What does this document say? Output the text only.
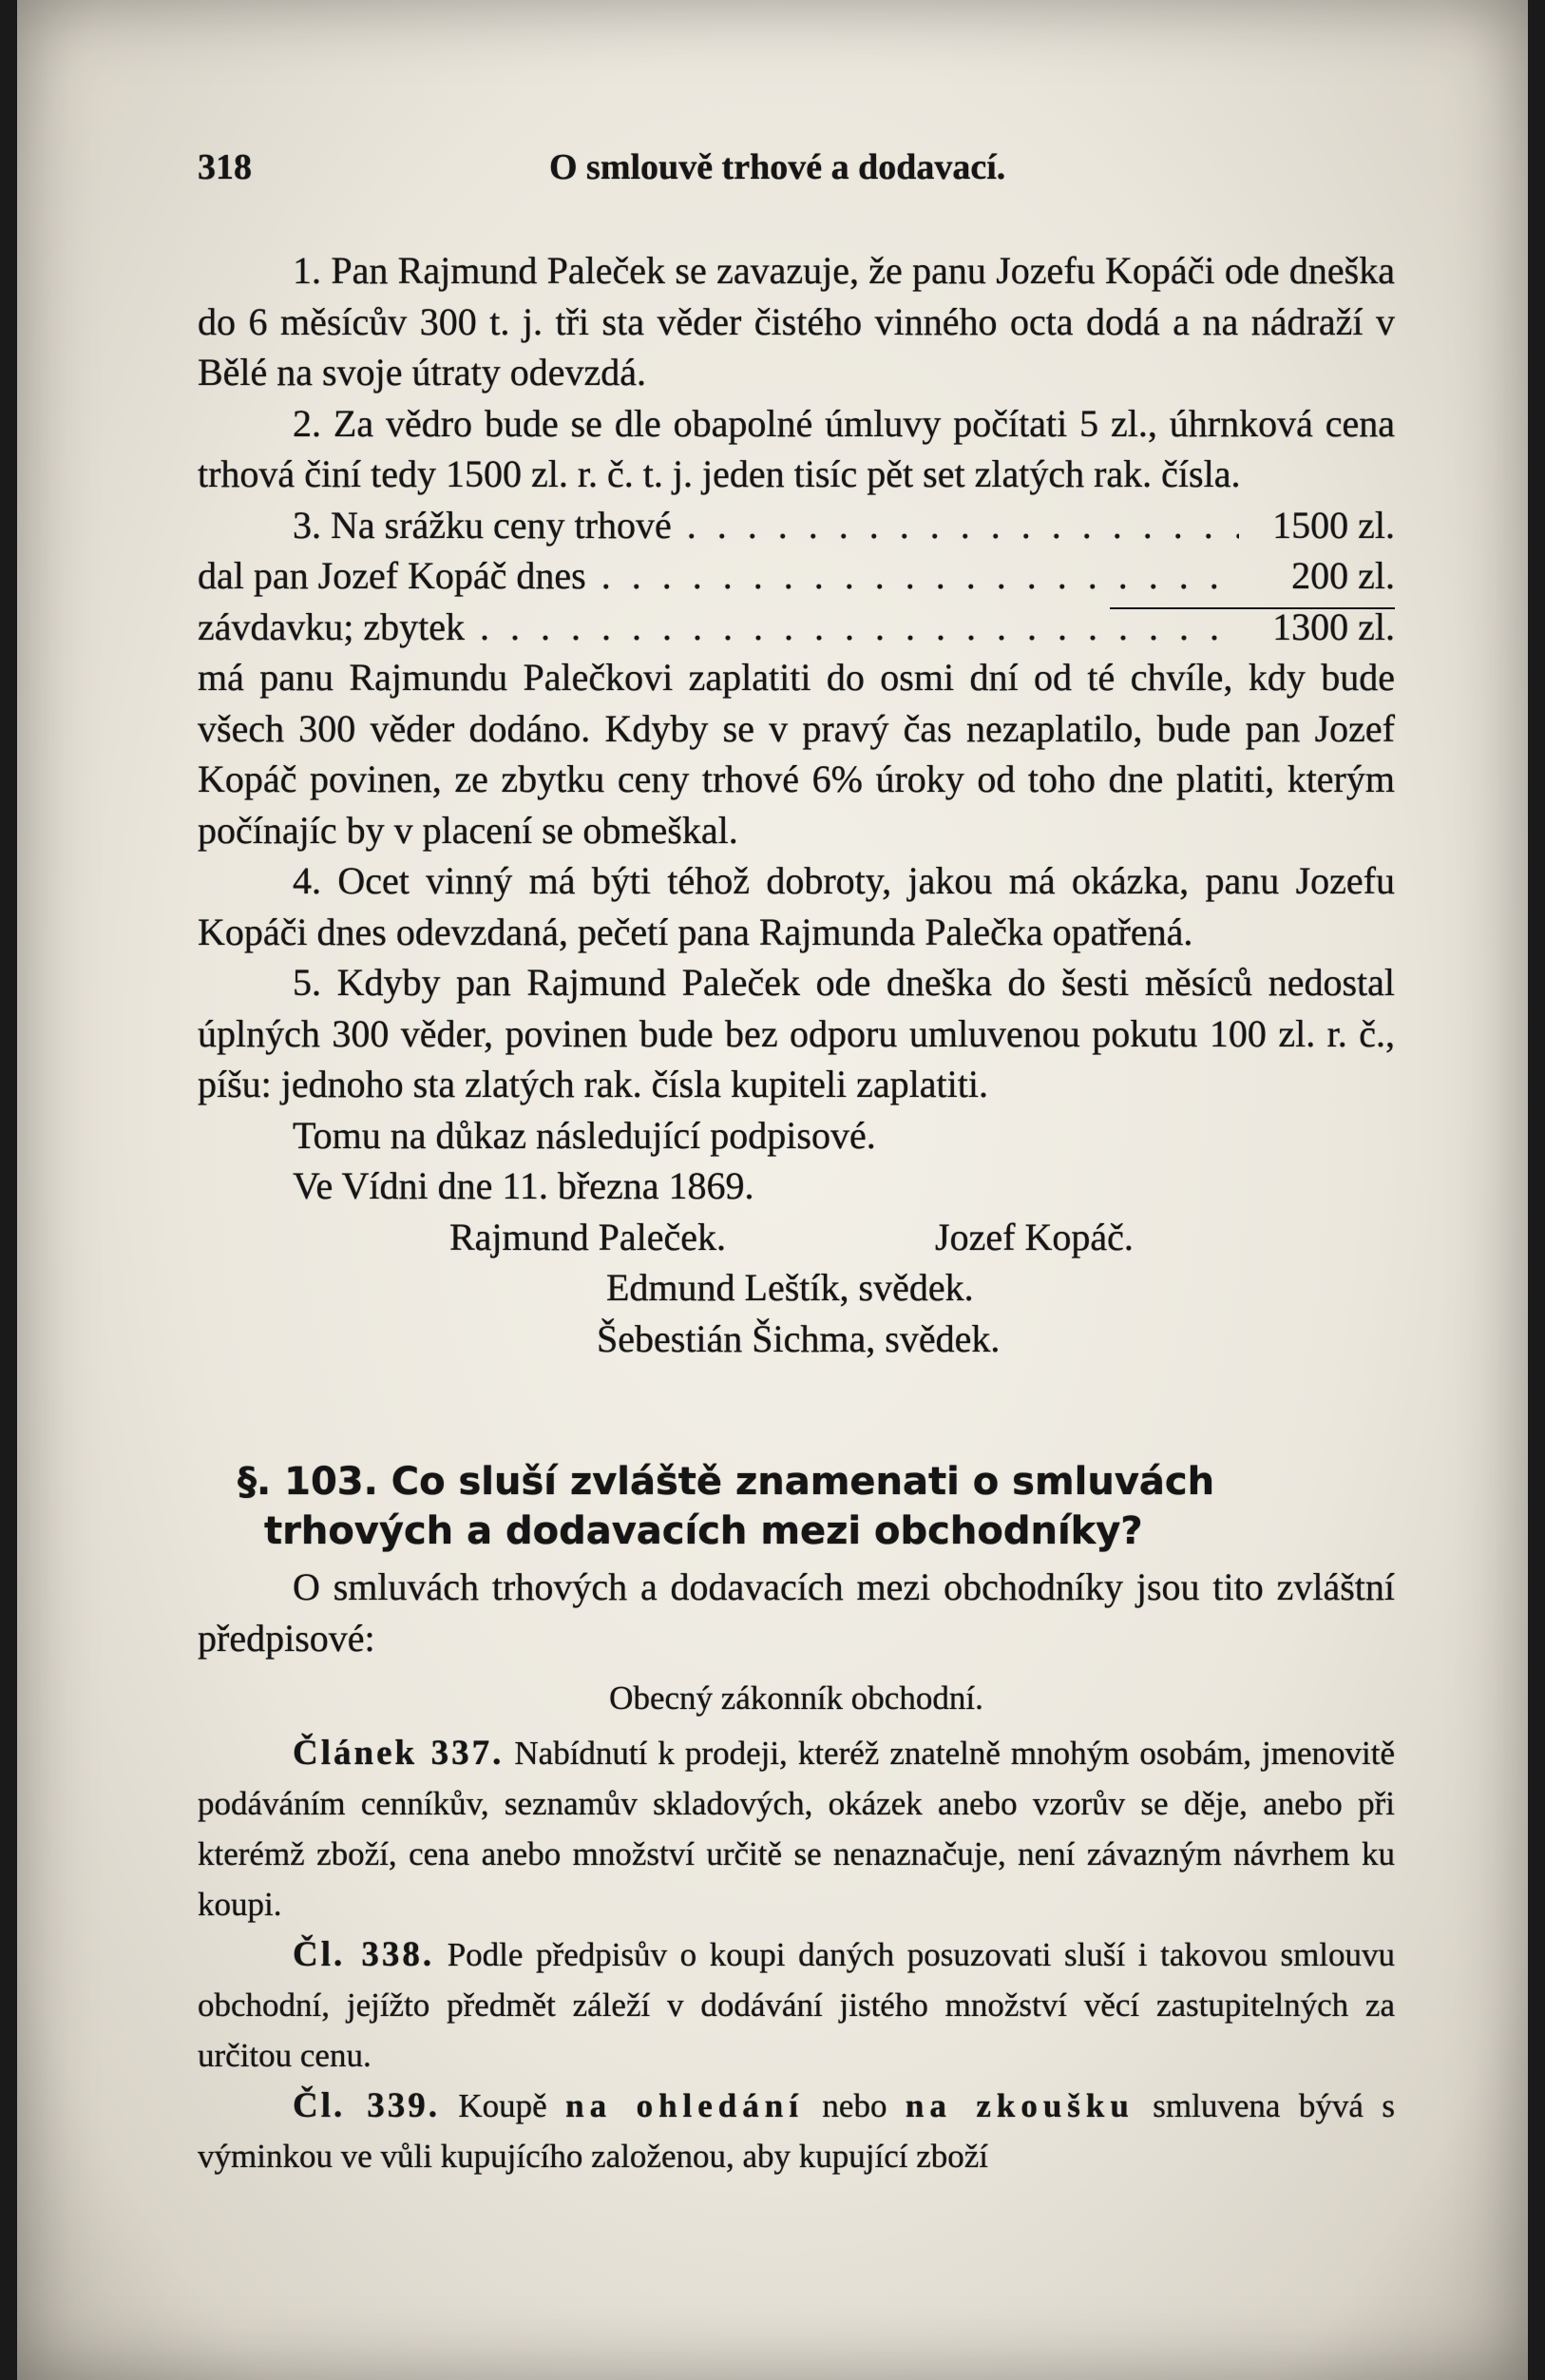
318	O smlouvě trhové a dodavací.

1. Pan Rajmund Paleček se zavazuje, že panu Jozefu Kopáči ode dneška do 6 měsícův 300 t. j. tři sta věder čistého vinného octa dodá a na nádraží v Bělé na svoje útraty odevzdá.

2. Za vědro bude se dle obapolné úmluvy počítati 5 zl., úhrnková cena trhová činí tedy 1500 zl. r. č. t. j. jeden tisíc pět set zlatých rak. čísla.

3. Na srážku ceny trhové . . .	1500 zl.
dal pan Jozef Kopáč dnes . . .	200 zl.
závdavku; zbytek . . .	1300 zl.

má panu Rajmundu Palečkovi zaplatiti do osmi dní od té chvíle, kdy bude všech 300 věder dodáno. Kdyby se v pravý čas nezaplatilo, bude pan Jozef Kopáč povinen, ze zbytku ceny trhové 6% úroky od toho dne platiti, kterým počínajíc by v placení se obmeškal.

4. Ocet vinný má býti téhož dobroty, jakou má okázka, panu Jozefu Kopáči dnes odevzdaná, pečetí pana Rajmunda Palečka opatřená.

5. Kdyby pan Rajmund Paleček ode dneška do šesti měsíců nedostal úplných 300 věder, povinen bude bez odporu umluvenou pokutu 100 zl. r. č., píšu: jednoho sta zlatých rak. čísla kupiteli zaplatiti.

Tomu na důkaz následující podpisové.

Ve Vídni dne 11. března 1869.

Rajmund Paleček.	Jozef Kopáč.
Edmund Leštík, svědek.
Šebestián Šichma, svědek.
§. 103. Co sluší zvláště znamenati o smluvách
trhových a dodavacích mezi obchodníky?

O smluvách trhových a dodavacích mezi obchodníky jsou tito zvláštní předpisové:

Obecný zákonník obchodní.

Článek 337. Nabídnutí k prodeji, kteréž znatelně mnohým osobám, jmenovitě podáváním cenníkův, seznamův skladových, okázek anebo vzorův se děje, anebo při kterémž zboží, cena anebo množství určitě se nenaznačuje, není závazným návrhem ku koupi.

Čl. 338. Podle předpisův o koupi daných posuzovati sluší i takovou smlouvu obchodní, jejížto předmět záleží v dodávání jistého množství věcí zastupitelných za určitou cenu.

Čl. 339. Koupě na ohledání nebo na zkoušku smluvena bývá s výminkou ve vůli kupujícího založenou, aby kupující zboží
